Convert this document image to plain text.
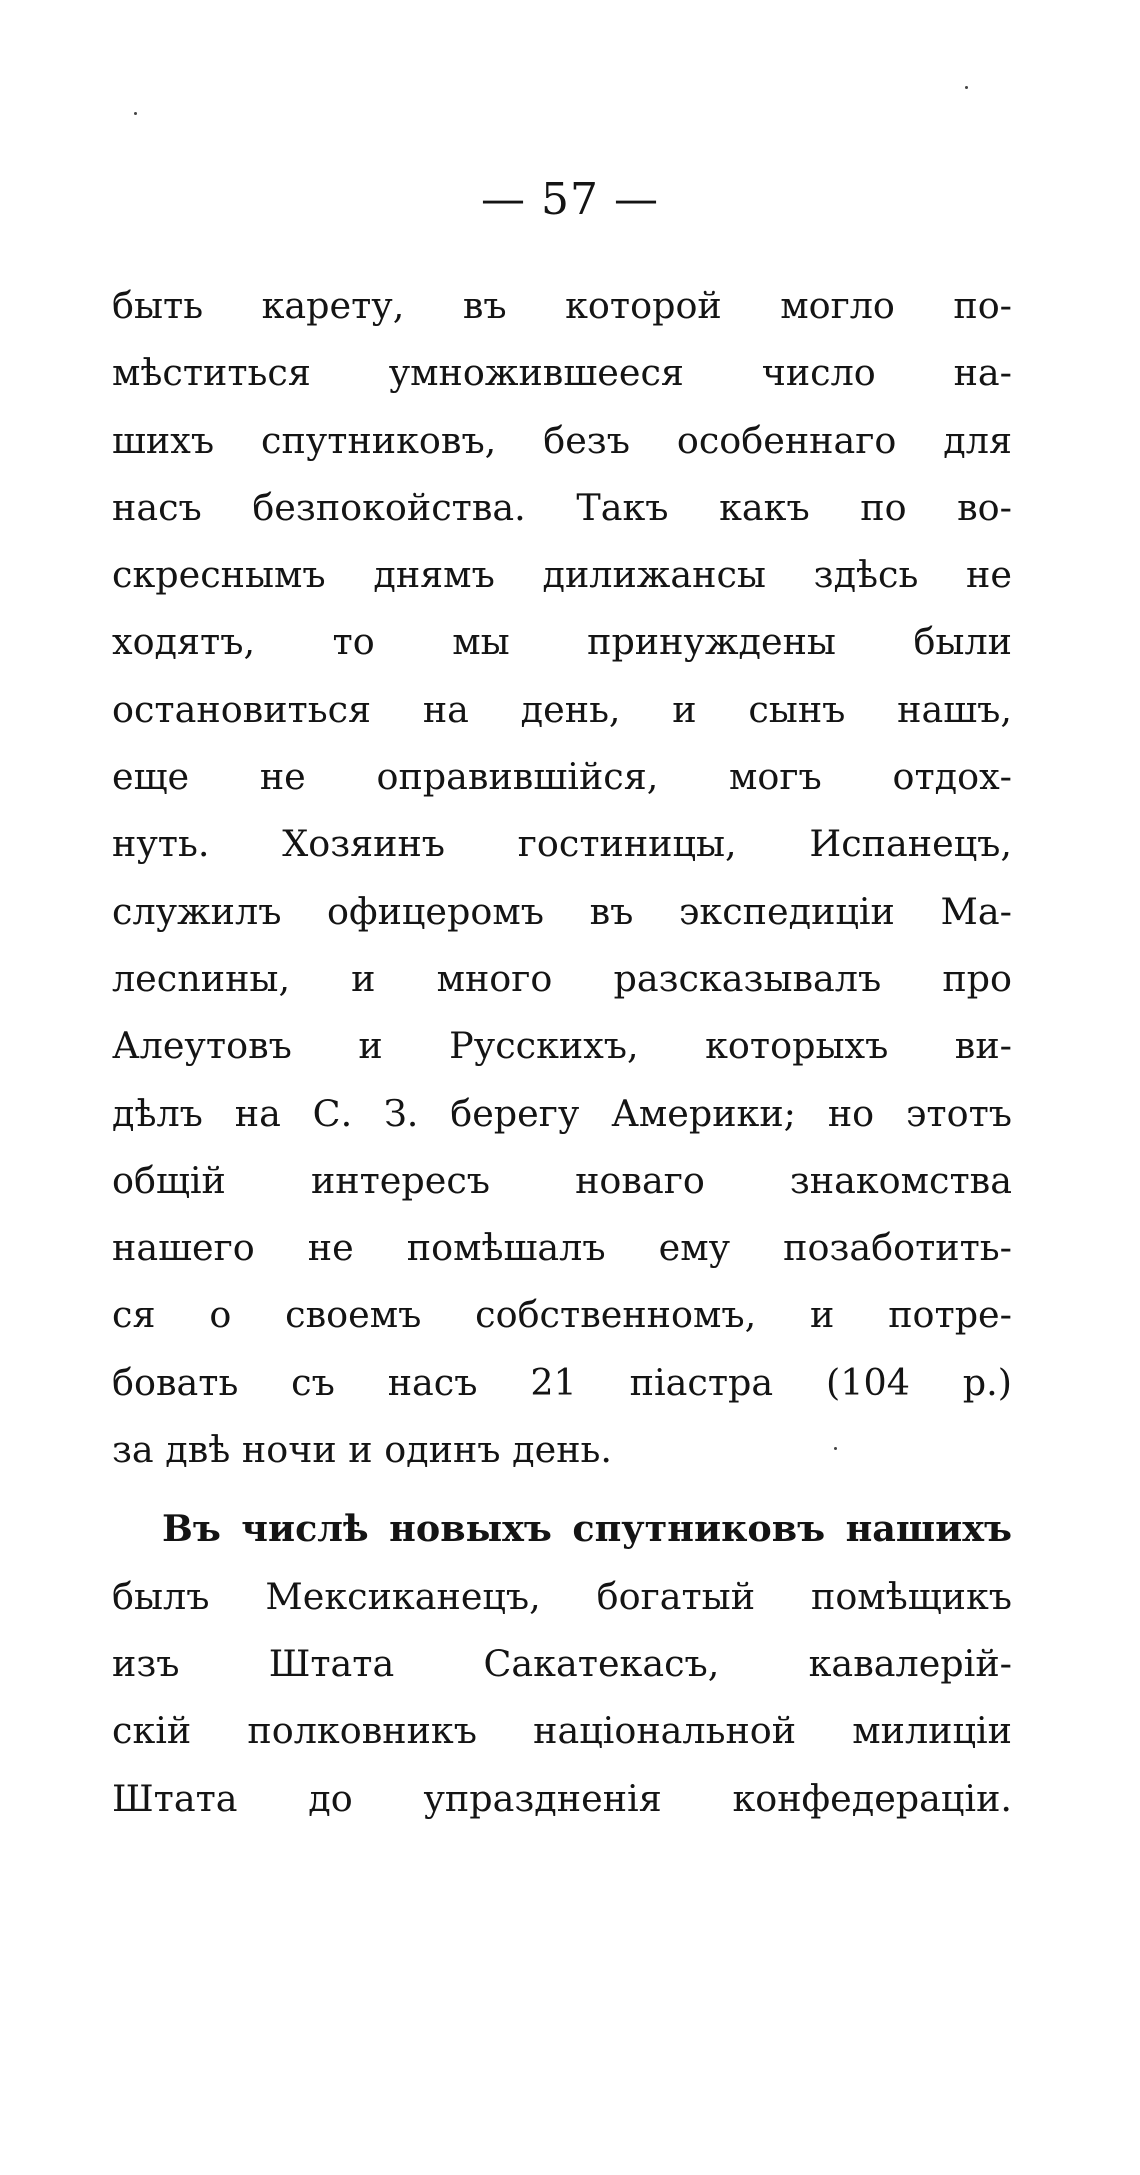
— 57 —
быть карету, въ которой могло по-
мѣститься умножившееся число на-
шихъ спутниковъ, безъ особеннаго для
насъ безпокойства. Такъ какъ по во-
скреснымъ днямъ дилижансы здѣсь не
ходятъ, то мы принуждены были
остановиться на день, и сынъ нашъ,
еще не оправившійся, могъ отдох-
нуть. Хозяинъ гостиницы, Испанецъ,
служилъ офицеромъ въ экспедиціи Ма-
лесnины, и много разсказывалъ про
Алеутовъ и Русскихъ, которыхъ ви-
дѣлъ на С. З. берегу Америки; но этотъ
общій интересъ новаго знакомства
нашего не помѣшалъ ему позаботить-
ся о своемъ собственномъ, и потре-
бовать съ насъ 21 піастра (104 р.)
за двѣ ночи и одинъ день.
Въ числѣ новыхъ спутниковъ нашихъ
былъ Мексиканецъ, богатый помѣщикъ
изъ Штата Сакатекасъ, кавалерій-
скій полковникъ національной милиціи
Штата до упраздненія конфедераціи.
